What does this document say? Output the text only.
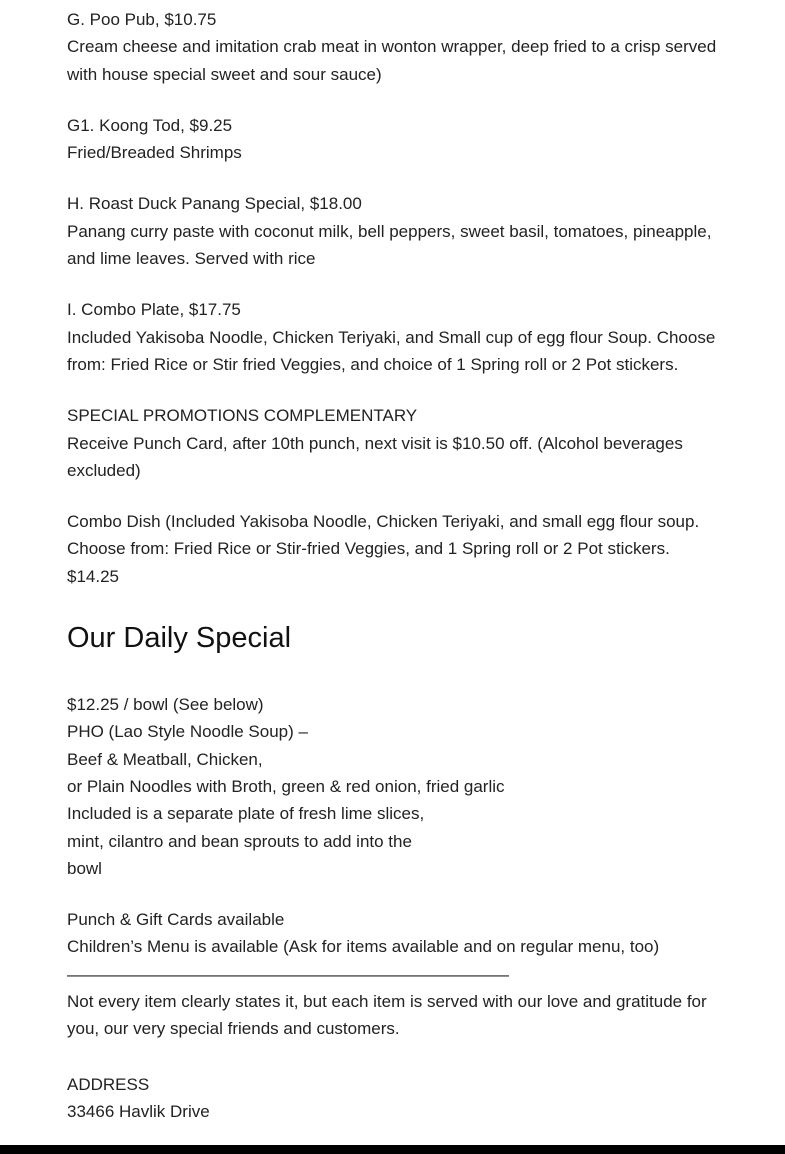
G. Poo Pub, $10.75
Cream cheese and imitation crab meat in wonton wrapper, deep fried to a crisp served with house special sweet and sour sauce)
G1. Koong Tod, $9.25
Fried/Breaded Shrimps
H. Roast Duck Panang Special, $18.00
Panang curry paste with coconut milk, bell peppers, sweet basil, tomatoes, pineapple, and lime leaves. Served with rice
I. Combo Plate, $17.75
Included Yakisoba Noodle, Chicken Teriyaki, and Small cup of egg flour Soup. Choose from: Fried Rice or Stir fried Veggies, and choice of 1 Spring roll or 2 Pot stickers.
SPECIAL PROMOTIONS COMPLEMENTARY
Receive Punch Card, after 10th punch, next visit is $10.50 off. (Alcohol beverages excluded)
Combo Dish (Included Yakisoba Noodle, Chicken Teriyaki, and small egg flour soup. Choose from: Fried Rice or Stir-fried Veggies, and 1 Spring roll or 2 Pot stickers.
$14.25
Our Daily Special
$12.25 / bowl (See below)
PHO (Lao Style Noodle Soup) –
Beef & Meatball, Chicken,
or Plain Noodles with Broth, green & red onion, fried garlic
Included is a separate plate of fresh lime slices,
mint, cilantro and bean sprouts to add into the
bowl
Punch & Gift Cards available
Children’s Menu is available (Ask for items available and on regular menu, too)
——————————————————————————
Not every item clearly states it, but each item is served with our love and gratitude for you, our very special friends and customers.
ADDRESS
33466 Havlik Drive
